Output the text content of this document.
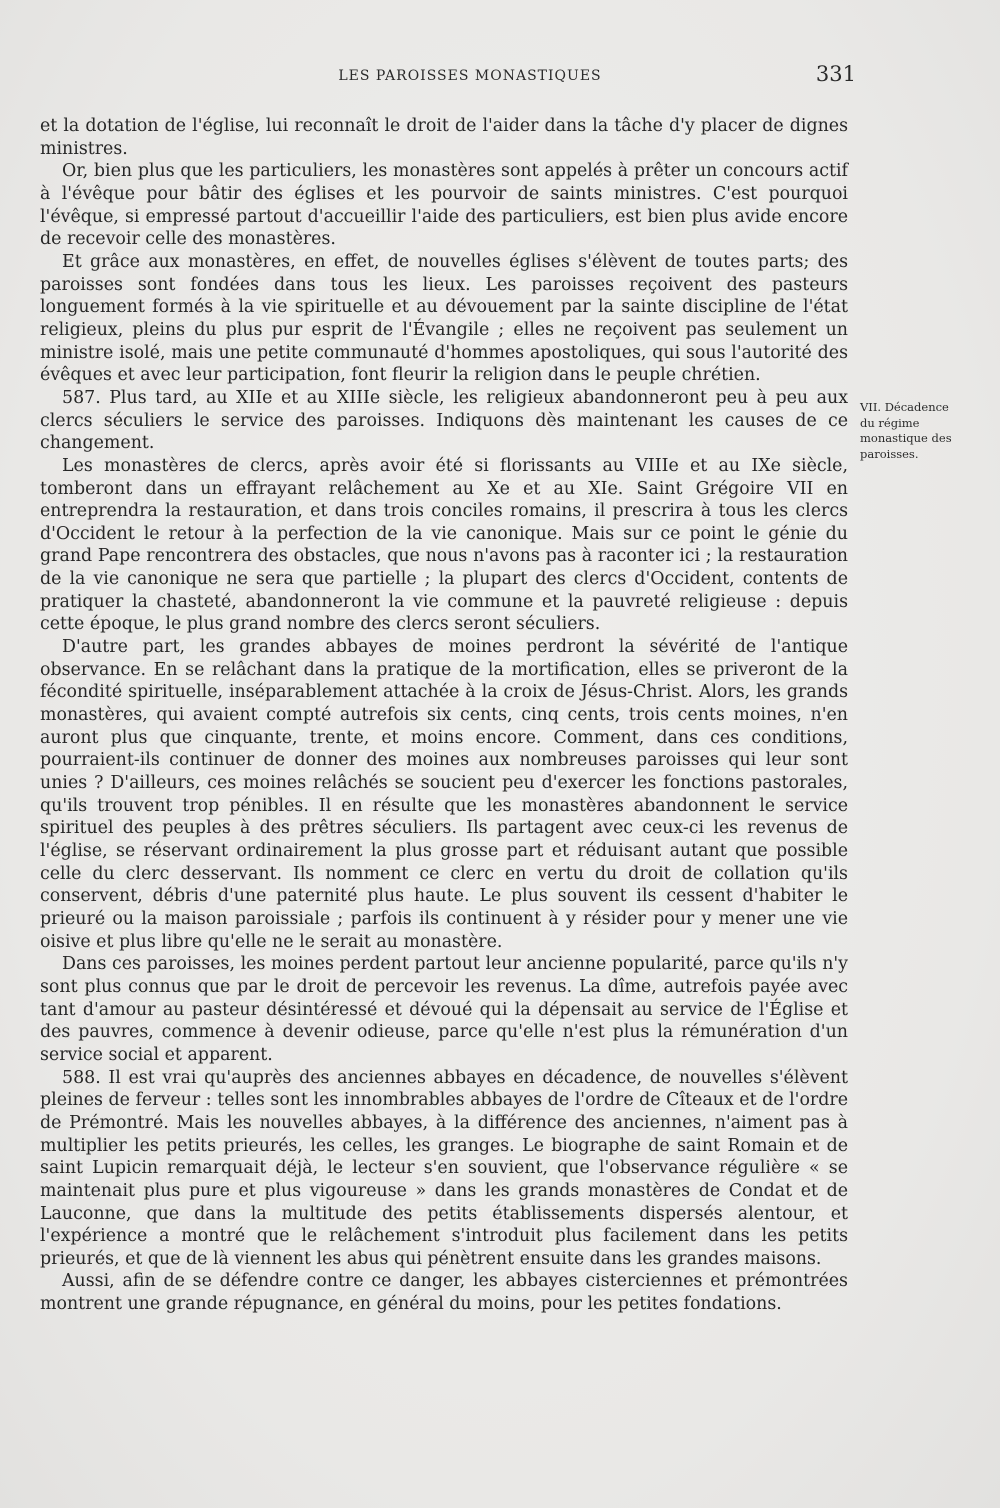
LES PAROISSES MONASTIQUES	331

et la dotation de l'église, lui reconnaît le droit de l'aider dans la tâche d'y placer de dignes ministres.

Or, bien plus que les particuliers, les monastères sont appelés à prêter un concours actif à l'évêque pour bâtir des églises et les pourvoir de saints ministres. C'est pourquoi l'évêque, si empressé partout d'accueillir l'aide des particuliers, est bien plus avide encore de recevoir celle des monastères.

Et grâce aux monastères, en effet, de nouvelles églises s'élèvent de toutes parts; des paroisses sont fondées dans tous les lieux. Les paroisses reçoivent des pasteurs longuement formés à la vie spirituelle et au dévouement par la sainte discipline de l'état religieux, pleins du plus pur esprit de l'Évangile ; elles ne reçoivent pas seulement un ministre isolé, mais une petite communauté d'hommes apostoliques, qui sous l'autorité des évêques et avec leur participation, font fleurir la religion dans le peuple chrétien.

587. Plus tard, au XIIe et au XIIIe siècle, les religieux abandonneront peu à peu aux clercs séculiers le service des paroisses. Indiquons dès maintenant les causes de ce changement.

Les monastères de clercs, après avoir été si florissants au VIIIe et au IXe siècle, tomberont dans un effrayant relâchement au Xe et au XIe. Saint Grégoire VII en entreprendra la restauration, et dans trois conciles romains, il prescrira à tous les clercs d'Occident le retour à la perfection de la vie canonique. Mais sur ce point le génie du grand Pape rencontrera des obstacles, que nous n'avons pas à raconter ici ; la restauration de la vie canonique ne sera que partielle ; la plupart des clercs d'Occident, contents de pratiquer la chasteté, abandonneront la vie commune et la pauvreté religieuse : depuis cette époque, le plus grand nombre des clercs seront séculiers.

D'autre part, les grandes abbayes de moines perdront la sévérité de l'antique observance. En se relâchant dans la pratique de la mortification, elles se priveront de la fécondité spirituelle, inséparablement attachée à la croix de Jésus-Christ. Alors, les grands monastères, qui avaient compté autrefois six cents, cinq cents, trois cents moines, n'en auront plus que cinquante, trente, et moins encore. Comment, dans ces conditions, pourraient-ils continuer de donner des moines aux nombreuses paroisses qui leur sont unies ? D'ailleurs, ces moines relâchés se soucient peu d'exercer les fonctions pastorales, qu'ils trouvent trop pénibles. Il en résulte que les monastères abandonnent le service spirituel des peuples à des prêtres séculiers. Ils partagent avec ceux-ci les revenus de l'église, se réservant ordinairement la plus grosse part et réduisant autant que possible celle du clerc desservant. Ils nomment ce clerc en vertu du droit de collation qu'ils conservent, débris d'une paternité plus haute. Le plus souvent ils cessent d'habiter le prieuré ou la maison paroissiale ; parfois ils continuent à y résider pour y mener une vie oisive et plus libre qu'elle ne le serait au monastère.

Dans ces paroisses, les moines perdent partout leur ancienne popularité, parce qu'ils n'y sont plus connus que par le droit de percevoir les revenus. La dîme, autrefois payée avec tant d'amour au pasteur désintéressé et dévoué qui la dépensait au service de l'Église et des pauvres, commence à devenir odieuse, parce qu'elle n'est plus la rémunération d'un service social et apparent.

588. Il est vrai qu'auprès des anciennes abbayes en décadence, de nouvelles s'élèvent pleines de ferveur : telles sont les innombrables abbayes de l'ordre de Cîteaux et de l'ordre de Prémontré. Mais les nouvelles abbayes, à la différence des anciennes, n'aiment pas à multiplier les petits prieurés, les celles, les granges. Le biographe de saint Romain et de saint Lupicin remarquait déjà, le lecteur s'en souvient, que l'observance régulière « se maintenait plus pure et plus vigoureuse » dans les grands monastères de Condat et de Lauconne, que dans la multitude des petits établissements dispersés alentour, et l'expérience a montré que le relâchement s'introduit plus facilement dans les petits prieurés, et que de là viennent les abus qui pénètrent ensuite dans les grandes maisons.

Aussi, afin de se défendre contre ce danger, les abbayes cisterciennes et prémontrées montrent une grande répugnance, en général du moins, pour les petites fondations.

VII. Décadence du régime monastique des paroisses.
